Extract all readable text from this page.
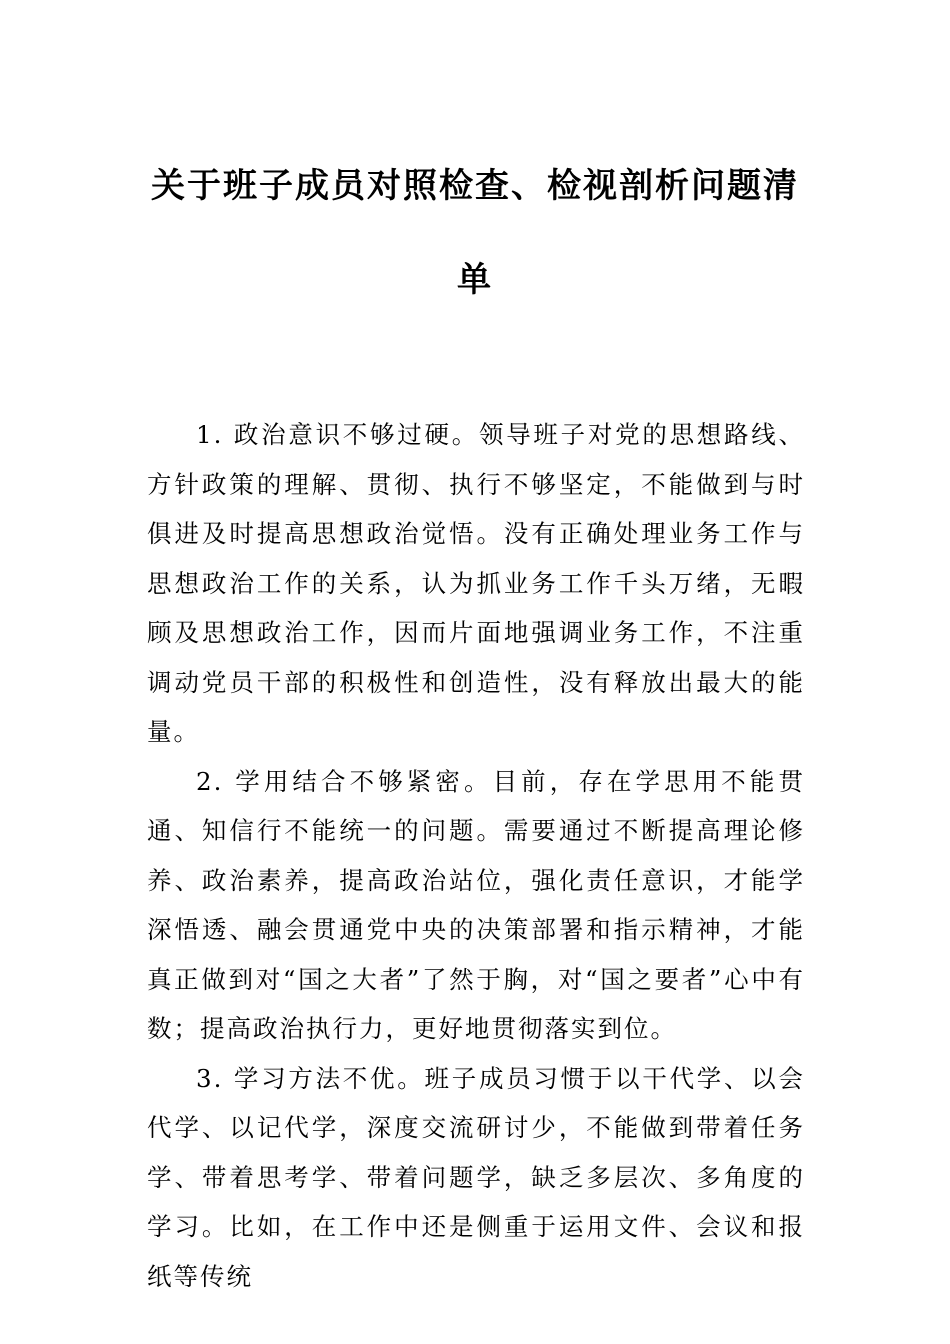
关于班子成员对照检查、检视剖析问题清
单

1. 政治意识不够过硬。领导班子对党的思想路线、方针政策的理解、贯彻、执行不够坚定，不能做到与时俱进及时提高思想政治觉悟。没有正确处理业务工作与思想政治工作的关系，认为抓业务工作千头万绪，无暇顾及思想政治工作，因而片面地强调业务工作，不注重调动党员干部的积极性和创造性，没有释放出最大的能量。

2. 学用结合不够紧密。目前，存在学思用不能贯通、知信行不能统一的问题。需要通过不断提高理论修养、政治素养，提高政治站位，强化责任意识，才能学深悟透、融会贯通党中央的决策部署和指示精神，才能真正做到对“国之大者”了然于胸，对“国之要者”心中有数；提高政治执行力，更好地贯彻落实到位。

3. 学习方法不优。班子成员习惯于以干代学、以会代学、以记代学，深度交流研讨少，不能做到带着任务学、带着思考学、带着问题学，缺乏多层次、多角度的学习。比如，在工作中还是侧重于运用文件、会议和报纸等传统
